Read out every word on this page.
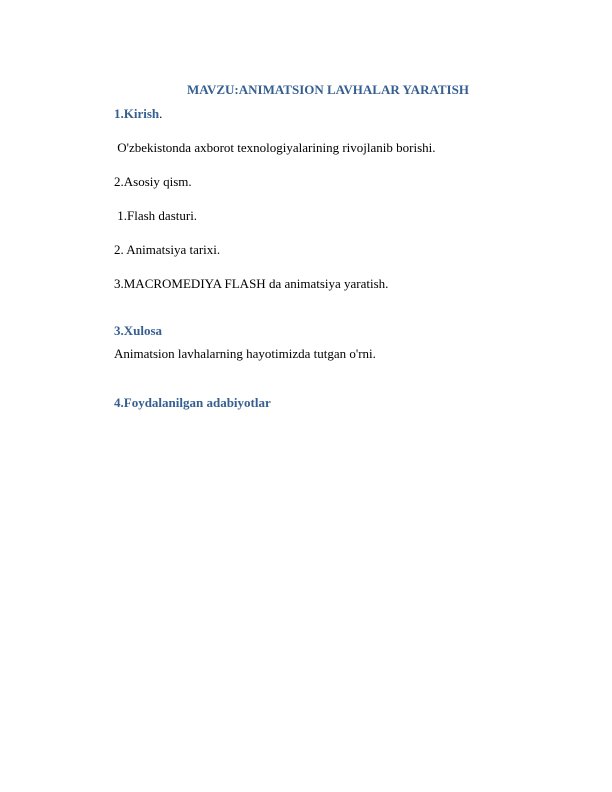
MAVZU:ANIMATSION LAVHALAR YARATISH
1.Kirish.
O'zbekistonda axborot texnologiyalarining rivojlanib borishi.
2.Asosiy qism.
1.Flash dasturi.
2. Animatsiya tarixi.
3.MACROMEDIYA FLASH da animatsiya yaratish.
3.Xulosa
Animatsion lavhalarning hayotimizda tutgan o'rni.
4.Foydalanilgan adabiyotlar
